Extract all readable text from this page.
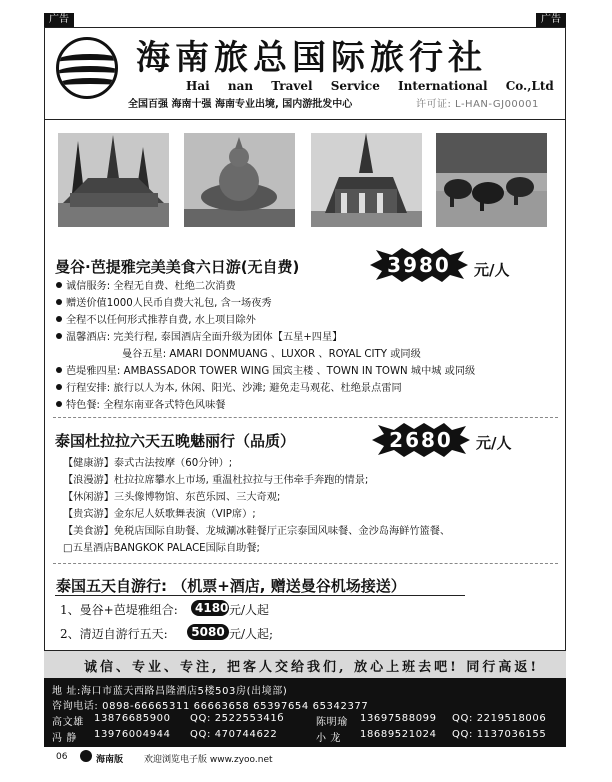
广告	广告
海南旅总国际旅行社
Hai nan Travel Service International Co.,Ltd
全国百强 海南十强 海南专业出境, 国内游批发中心	许可证: L-HAN-GJ00001
曼谷·芭提雅完美美食六日游(无自费)	3980	元/人
诚信服务: 全程无自费、杜绝二次消费
赠送价值1000人民币自费大礼包, 含一场夜秀
全程不以任何形式推荐自费, 水上项目除外
温馨酒店: 完美行程, 泰国酒店全面升级为团体【五星+四星】
曼谷五星: AMARI DONMUANG 、LUXOR 、ROYAL CITY 或同级
芭堤雅四星: AMBASSADOR TOWER WING 国宾主楼 、TOWN IN TOWN 城中城 或同级
行程安排: 旅行以人为本, 休闲、阳光、沙滩; 避免走马观花、杜绝景点雷同
特色餐: 全程东南亚各式特色风味餐
泰国杜拉拉六天五晚魅丽行（品质）	2680	元/人
【健康游】泰式古法按摩（60分钟）;
【浪漫游】杜拉拉席攀水上市场, 重温杜拉拉与王伟牵手奔跑的情景;
【休闲游】三头像博物馆、东芭乐园、三大奇观;
【贵宾游】金东尼人妖歌舞表演（VIP席）;
【美食游】免税店国际自助餐、龙城涮冰鞋餐厅正宗泰国风味餐、金沙岛海鲜竹篮餐、
□五星酒店BANGKOK PALACE国际自助餐;
泰国五天自游行: （机票+酒店, 赠送曼谷机场接送）
1、曼谷+芭堤雅组合:	4180 元/人起
2、清迈自游行五天:	5080 元/人起;
诚信、专业、专注, 把客人交给我们, 放心上班去吧! 同行高返!
地 址:海口市蓝天西路昌隆酒店5楼503房(出境部)
咨询电话: 0898-66665311 66663658 65397654 65342377
高文雄 13876685900 QQ: 252255341б	陈明瑜 13697588099 QQ: 2219518006
冯 静 13976004944 QQ: 470744622	小 龙 18689521024 QQ: 1137036155
06	海南版 欢迎浏览电子版 www.zyoo.net
